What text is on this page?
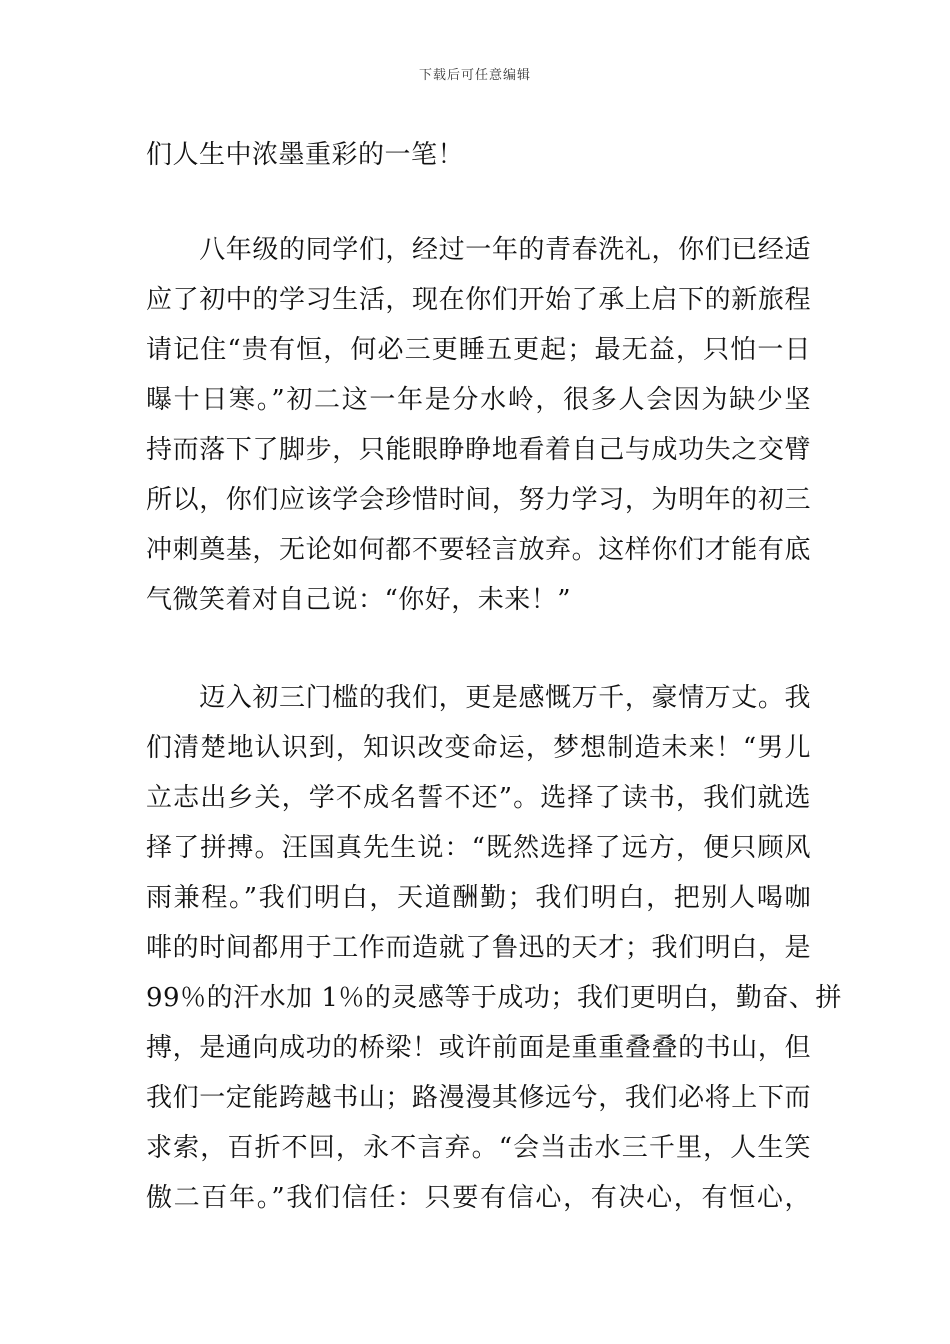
下载后可任意编辑
们人生中浓墨重彩的一笔！
　　八年级的同学们，经过一年的青春洗礼，你们已经适
应了初中的学习生活，现在你们开始了承上启下的新旅程
请记住“贵有恒，何必三更睡五更起；最无益，只怕一日
曝十日寒。”初二这一年是分水岭，很多人会因为缺少坚
持而落下了脚步，只能眼睁睁地看着自己与成功失之交臂
所以，你们应该学会珍惜时间，努力学习，为明年的初三
冲刺奠基，无论如何都不要轻言放弃。这样你们才能有底
气微笑着对自己说：“你好，未来！”
　　迈入初三门槛的我们，更是感慨万千，豪情万丈。我
们清楚地认识到，知识改变命运，梦想制造未来！“男儿
立志出乡关，学不成名誓不还”。选择了读书，我们就选
择了拼搏。汪国真先生说：“既然选择了远方，便只顾风
雨兼程。”我们明白，天道酬勤；我们明白，把别人喝咖
啡的时间都用于工作而造就了鲁迅的天才；我们明白，是
99％的汗水加 1％的灵感等于成功；我们更明白，勤奋、拼
搏，是通向成功的桥梁！或许前面是重重叠叠的书山，但
我们一定能跨越书山；路漫漫其修远兮，我们必将上下而
求索，百折不回，永不言弃。“会当击水三千里，人生笑
傲二百年。”我们信任：只要有信心，有决心，有恒心，
